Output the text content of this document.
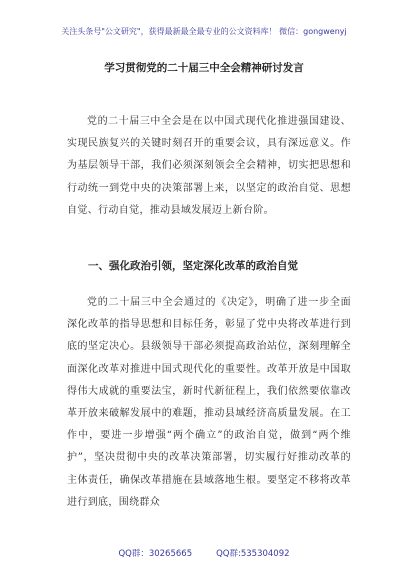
关注头条号"公文研究"，获得最新最全最专业的公文资料库！ 微信：gongwenyj
学习贯彻党的二十届三中全会精神研讨发言
党的二十届三中全会是在以中国式现代化推进强国建设、实现民族复兴的关键时刻召开的重要会议，具有深远意义。作为基层领导干部，我们必须深刻领会全会精神，切实把思想和行动统一到党中央的决策部署上来，以坚定的政治自觉、思想自觉、行动自觉，推动县域发展迈上新台阶。
一、强化政治引领，坚定深化改革的政治自觉
党的二十届三中全会通过的《决定》，明确了进一步全面深化改革的指导思想和目标任务，彰显了党中央将改革进行到底的坚定决心。县级领导干部必须提高政治站位，深刻理解全面深化改革对推进中国式现代化的重要性。改革开放是中国取得伟大成就的重要法宝，新时代新征程上，我们依然要依靠改革开放来破解发展中的难题，推动县域经济高质量发展。在工作中，要进一步增强“两个确立”的政治自觉，做到“两个维护”，坚决贯彻中央的改革决策部署，切实履行好推动改革的主体责任，确保改革措施在县域落地生根。要坚定不移将改革进行到底，围绕群众
QQ群：30265665	QQ群:535304092
